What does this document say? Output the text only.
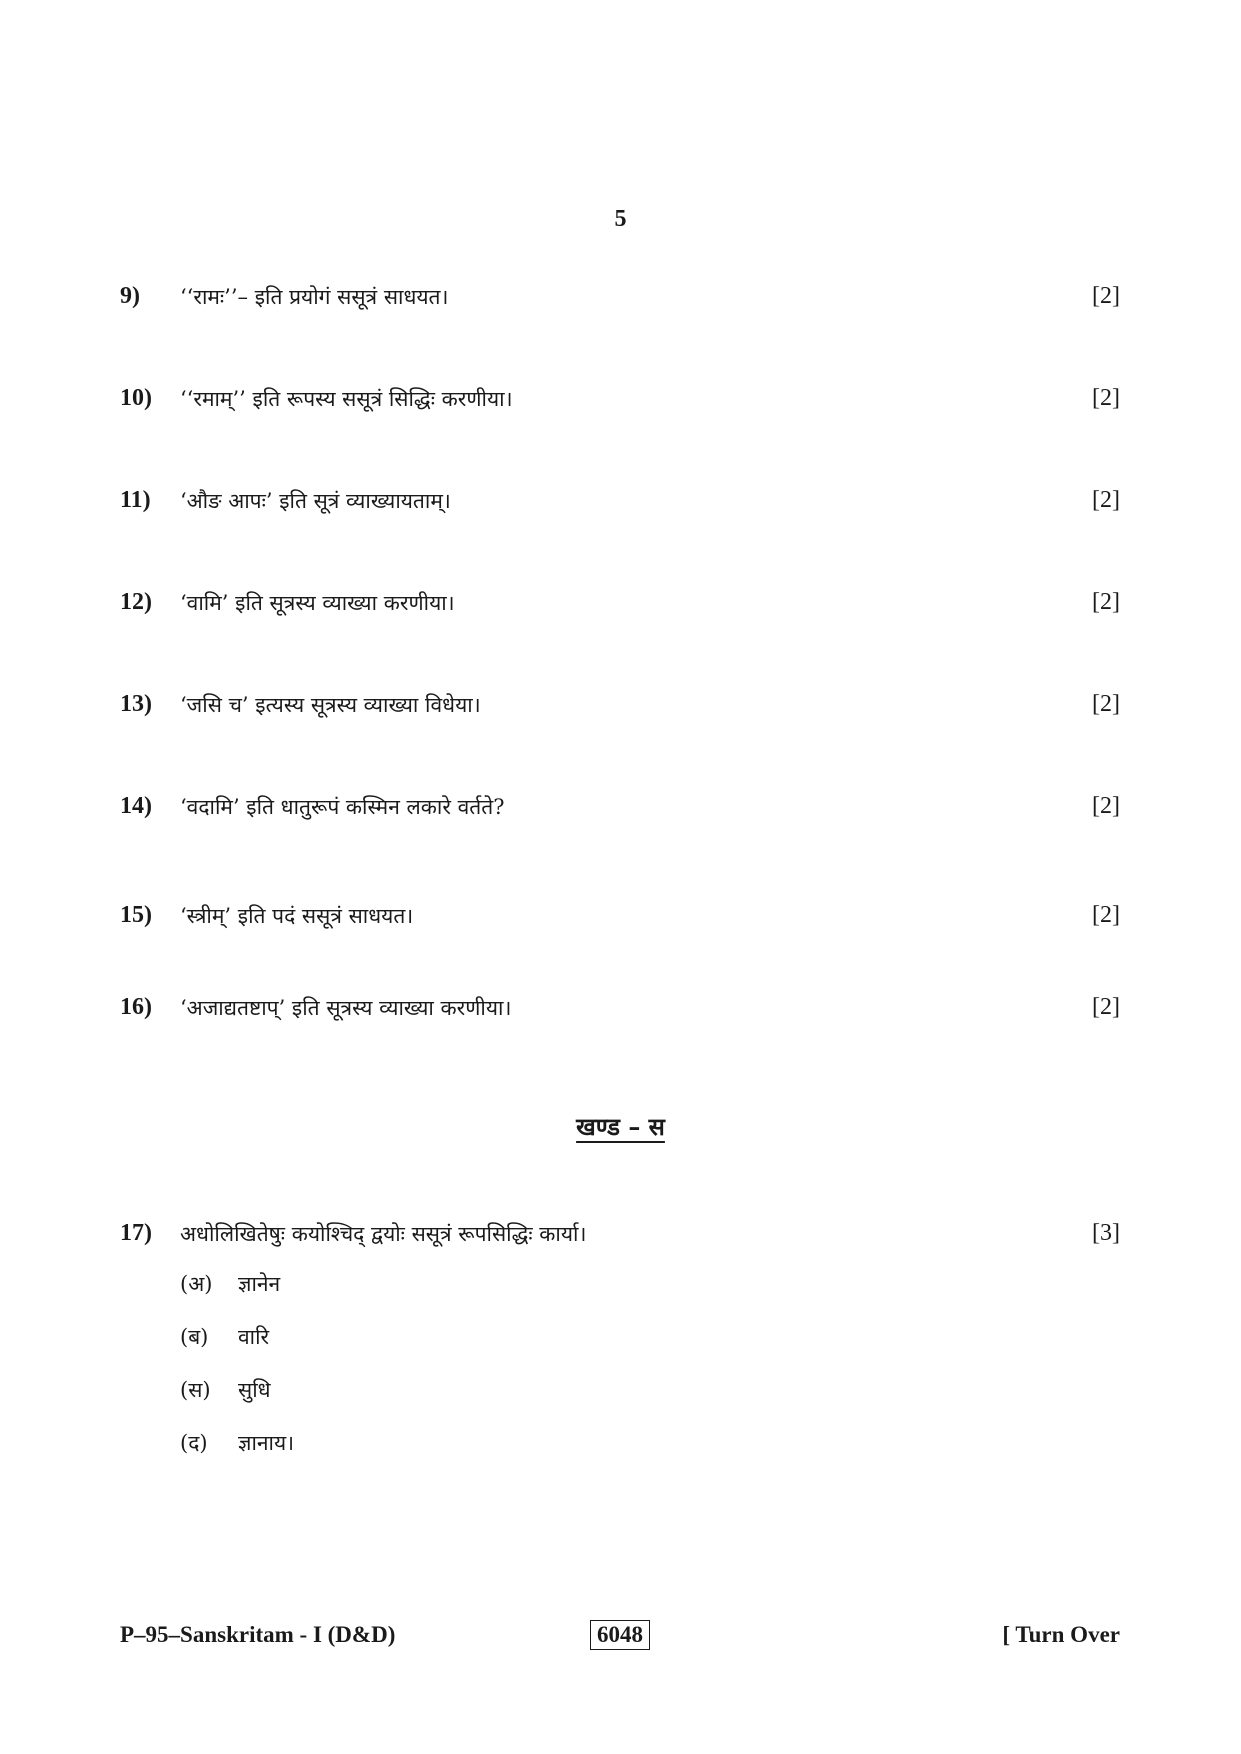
5
9) ‘‘रामः’’– इति प्रयोगं ससूत्रं साधयत।	[2]
10) ‘‘रमाम्’’ इति रूपस्य ससूत्रं सिद्धिः करणीया।	[2]
11) ‘औङ आपः’ इति सूत्रं व्याख्यायताम्।	[2]
12) ‘वामि’ इति सूत्रस्य व्याख्या करणीया।	[2]
13) ‘जसि च’ इत्यस्य सूत्रस्य व्याख्या विधेया।	[2]
14) ‘वदामि’ इति धातुरूपं कस्मिन लकारे वर्तते?	[2]
15) ‘स्त्रीम्’ इति पदं ससूत्रं साधयत।	[2]
16) ‘अजाद्यतष्टाप्’ इति सूत्रस्य व्याख्या करणीया।	[2]
खण्ड – स
17) अधोलिखितेषुः कयोश्चिद् द्वयोः ससूत्रं रूपसिद्धिः कार्या।	[3]
(अ) ज्ञानेन
(ब) वारि
(स) सुधि
(द) ज्ञानाय।
P–95–Sanskritam - I (D&D)	6048	[ Turn Over
